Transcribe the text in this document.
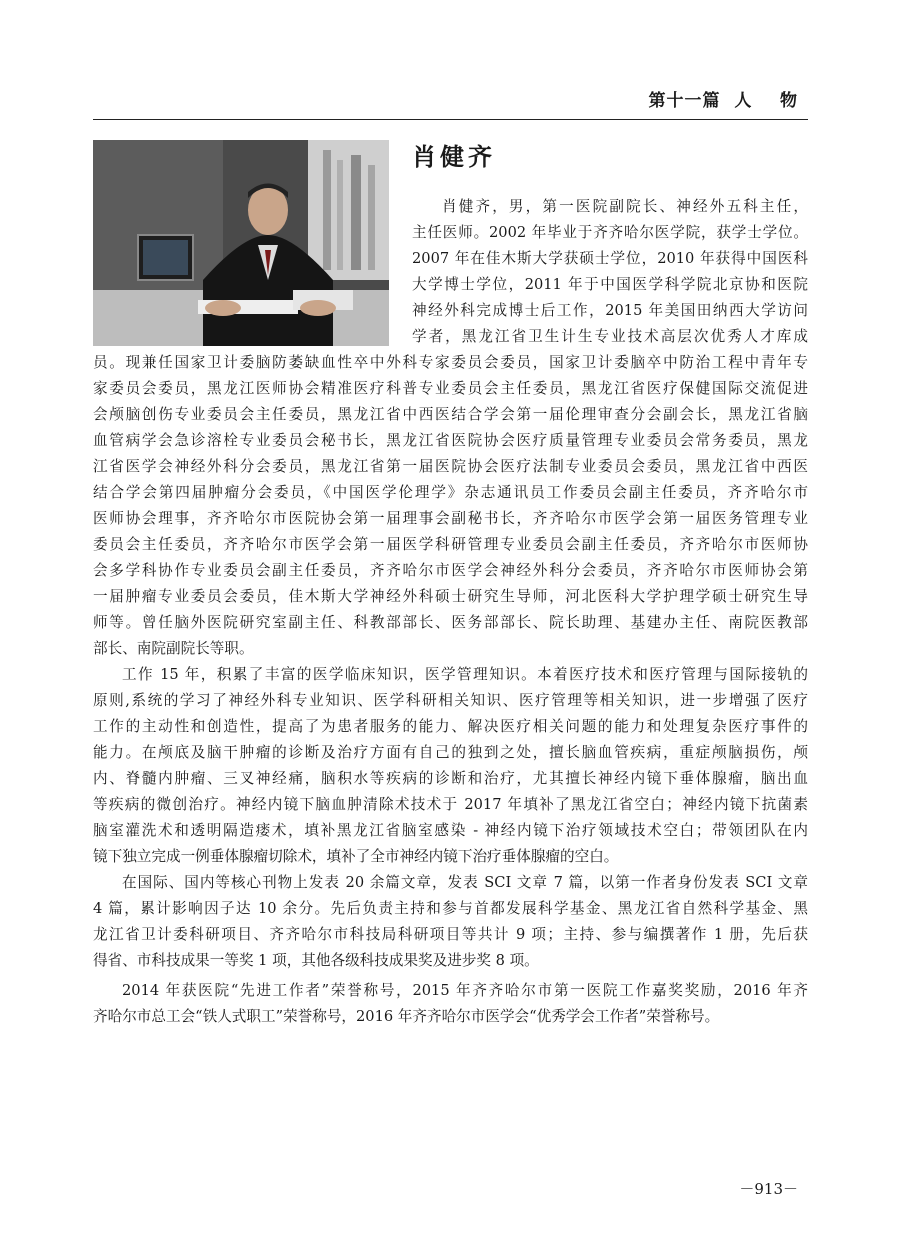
第十一篇  人    物
肖健齐
肖健齐，男，第一医院副院长、神经外五科主任，
主任医师。2002 年毕业于齐齐哈尔医学院，获学士学位。
2007 年在佳木斯大学获硕士学位，2010 年获得中国医科
大学博士学位，2011 年于中国医学科学院北京协和医院
神经外科完成博士后工作，2015 年美国田纳西大学访问
学者，黑龙江省卫生计生专业技术高层次优秀人才库成
员。现兼任国家卫计委脑防萎缺血性卒中外科专家委员会委员，国家卫计委脑卒中防治工程中青年专
家委员会委员，黑龙江医师协会精准医疗科普专业委员会主任委员，黑龙江省医疗保健国际交流促进
会颅脑创伤专业委员会主任委员，黑龙江省中西医结合学会第一届伦理审查分会副会长，黑龙江省脑
血管病学会急诊溶栓专业委员会秘书长，黑龙江省医院协会医疗质量管理专业委员会常务委员，黑龙
江省医学会神经外科分会委员，黑龙江省第一届医院协会医疗法制专业委员会委员，黑龙江省中西医
结合学会第四届肿瘤分会委员，《中国医学伦理学》杂志通讯员工作委员会副主任委员，齐齐哈尔市
医师协会理事，齐齐哈尔市医院协会第一届理事会副秘书长，齐齐哈尔市医学会第一届医务管理专业
委员会主任委员，齐齐哈尔市医学会第一届医学科研管理专业委员会副主任委员，齐齐哈尔市医师协
会多学科协作专业委员会副主任委员，齐齐哈尔市医学会神经外科分会委员，齐齐哈尔市医师协会第
一届肿瘤专业委员会委员，佳木斯大学神经外科硕士研究生导师，河北医科大学护理学硕士研究生导
师等。曾任脑外医院研究室副主任、科教部部长、医务部部长、院长助理、基建办主任、南院医教部
部长、南院副院长等职。
工作 15 年，积累了丰富的医学临床知识，医学管理知识。本着医疗技术和医疗管理与国际接轨的
原则,系统的学习了神经外科专业知识、医学科研相关知识、医疗管理等相关知识，进一步增强了医疗
工作的主动性和创造性，提高了为患者服务的能力、解决医疗相关问题的能力和处理复杂医疗事件的
能力。在颅底及脑干肿瘤的诊断及治疗方面有自己的独到之处，擅长脑血管疾病，重症颅脑损伤，颅
内、脊髓内肿瘤、三叉神经痛，脑积水等疾病的诊断和治疗，尤其擅长神经内镜下垂体腺瘤，脑出血
等疾病的微创治疗。神经内镜下脑血肿清除术技术于 2017 年填补了黑龙江省空白；神经内镜下抗菌素
脑室灌洗术和透明隔造瘘术，填补黑龙江省脑室感染 - 神经内镜下治疗领域技术空白；带领团队在内
镜下独立完成一例垂体腺瘤切除术，填补了全市神经内镜下治疗垂体腺瘤的空白。
在国际、国内等核心刊物上发表 20 余篇文章，发表 SCI 文章 7 篇，以第一作者身份发表 SCI 文章
4 篇，累计影响因子达 10 余分。先后负责主持和参与首都发展科学基金、黑龙江省自然科学基金、黑
龙江省卫计委科研项目、齐齐哈尔市科技局科研项目等共计 9 项；主持、参与编撰著作 1 册，先后获
得省、市科技成果一等奖 1 项，其他各级科技成果奖及进步奖 8 项。
2014 年获医院“先进工作者”荣誉称号，2015 年齐齐哈尔市第一医院工作嘉奖奖励，2016 年齐
齐哈尔市总工会“铁人式职工”荣誉称号，2016 年齐齐哈尔市医学会“优秀学会工作者”荣誉称号。
－913－
